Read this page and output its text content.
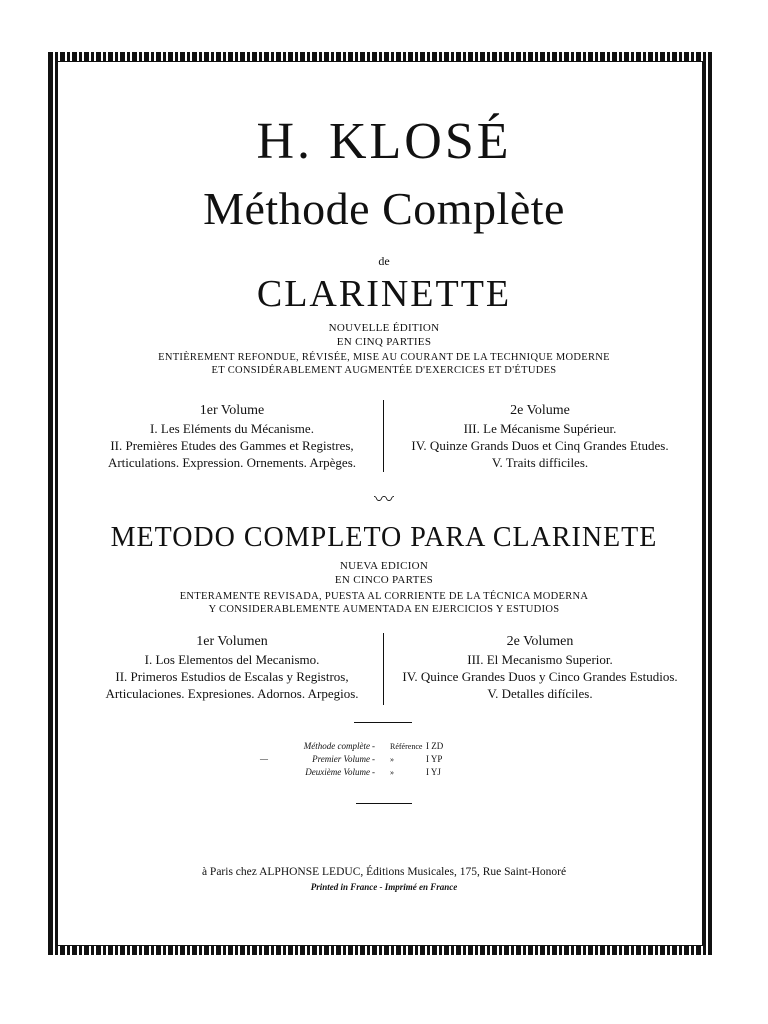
H. KLOSÉ
Méthode Complète
de
CLARINETTE
NOUVELLE ÉDITION
EN CINQ PARTIES
ENTIÈREMENT REFONDUE, RÉVISÉE, MISE AU COURANT DE LA TECHNIQUE MODERNE
ET CONSIDÉRABLEMENT AUGMENTÉE D'EXERCICES ET D'ÉTUDES
1er Volume
I. Les Eléments du Mécanisme.
II. Premières Etudes des Gammes et Registres,
Articulations. Expression. Ornements. Arpèges.
2e Volume
III. Le Mécanisme Supérieur.
IV. Quinze Grands Duos et Cinq Grandes Etudes.
V. Traits difficiles.
〰
METODO COMPLETO PARA CLARINETE
NUEVA EDICION
EN CINCO PARTES
ENTERAMENTE REVISADA, PUESTA AL CORRIENTE DE LA TÉCNICA MODERNA
Y CONSIDERABLEMENTE AUMENTADA EN EJERCICIOS Y ESTUDIOS
1er Volumen
I. Los Elementos del Mecanismo.
II. Primeros Estudios de Escalas y Registros,
Articulaciones. Expresiones. Adornos. Arpegios.
2e Volumen
III. El Mecanismo Superior.
IV. Quince Grandes Duos y Cinco Grandes Estudios.
V. Detalles difíciles.
Méthode complète - Référence I ZD
—	Premier Volume - »	I YP
Deuxième Volume - »	I YJ
à Paris chez ALPHONSE LEDUC, Éditions Musicales, 175, Rue Saint-Honoré
Printed in France - Imprimé en France
